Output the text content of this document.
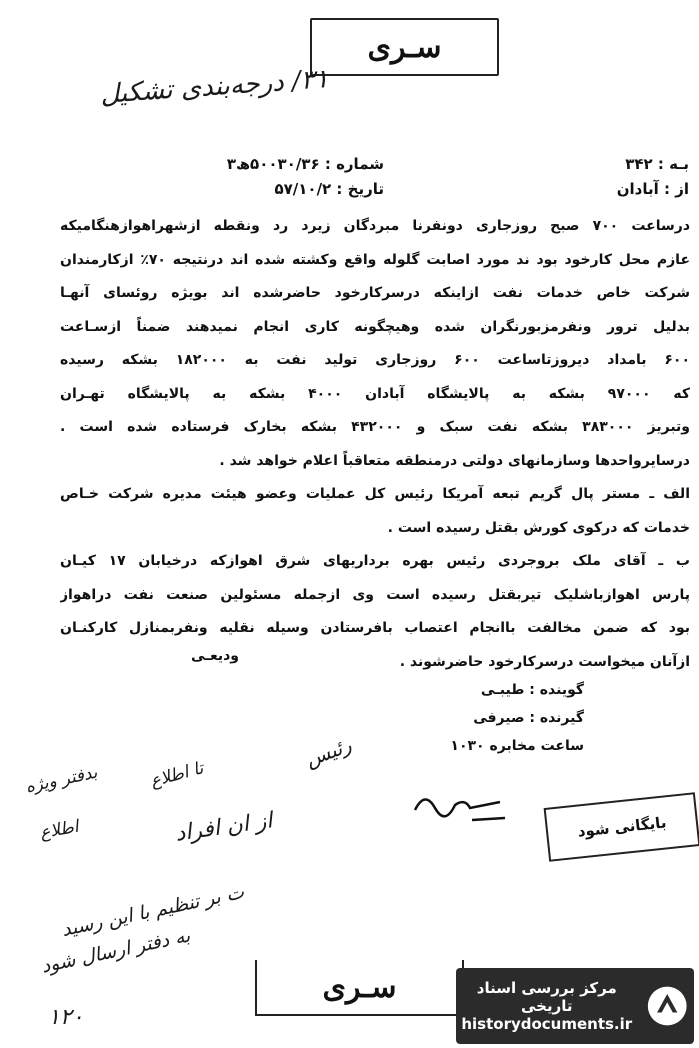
سـری
۳۱/ درجه‌بندی تشکیل
بـه : ۳۴۲
شماره : ۵۰۰۳۰/۳۶ھ۳
از : آبادان
تاریخ : ۵۷/۱۰/۲
درساعت ۷۰۰ صبح روزجاری دونفرنا مبردگان زیرد رد ونقطه ازشهراهوازهنگامیکه
عازم محل کارخود بود ند مورد اصابت گلوله واقع وکشته شده اند درنتیجه ۷۰٪ ازکارمندان
شرکت خاص خدمات نفت ازاینکه درسرکارخود حاضرشده اند بویژه روئسای آنهـا
بدلیل ترور ونفرمزبورنگران شده وهیچگونه کاری انجام نمیدهند ضمناً ازسـاعت
۶۰۰ بامداد دیروزتاساعت ۶۰۰ روزجاری تولید نفت به ۱۸۲۰۰۰ بشکه رسیده
که ۹۷۰۰۰ بشکه به پالایشگاه آبادان ۴۰۰۰ بشکه به پالایشگاه تهـران
وتبریز ۳۸۳۰۰۰ بشکه نفت سبک و ۴۳۲۰۰۰ بشکه بخارک فرستاده شده است .
درسایرواحدها وسازمانهای دولتی درمنطقه متعاقباً اعلام خواهد شد .
الف ـ مستر پال گریم تبعه آمریکا رئیس کل عملیات وعضو هیئت مدیره شرکت خـاص
خدمات که درکوی کورش بقتل رسیده است .
ب ـ آقای ملک بروجردی رئیس بهره برداریهای شرق اهوازکه درخیابان ۱۷ کیـان
پارس اهوازباشلیک تیربقتل رسیده است وی ازجمله مسئولین صنعت نفت دراهواز
بود که ضمن مخالفت باانجام اعتصاب بافرستادن وسیله نقلیه ونفربمنازل کارکنـان
ازآنان میخواست درسرکارخود حاضرشوند .
ودیعـی
گوینده : طیبـی
گیرنده : صیرفی
ساعت مخابره ۱۰۳۰
بدفتر ویژه
اطلاع	از ان افراد
تا اطلاع
رئیس
بایگانی شود
ت بر تنظیم با این رسید
به دفتر ارسال شود
سـری
۱۲۰
مرکز بررسی اسناد تاریخی
historydocuments.ir
